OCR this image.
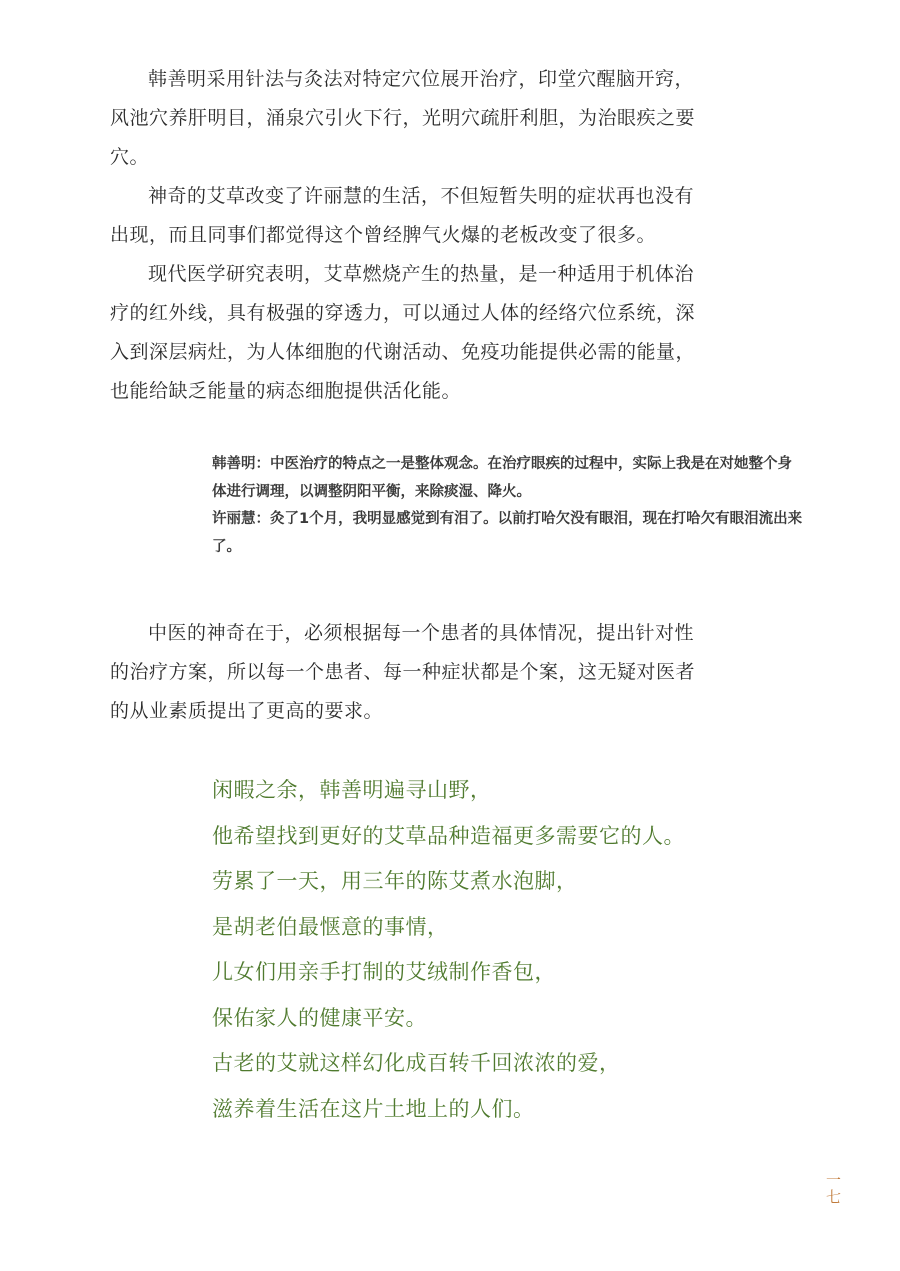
韩善明采用针法与灸法对特定穴位展开治疗，印堂穴醒脑开窍，风池穴养肝明目，涌泉穴引火下行，光明穴疏肝利胆，为治眼疾之要穴。

神奇的艾草改变了许丽慧的生活，不但短暂失明的症状再也没有出现，而且同事们都觉得这个曾经脾气火爆的老板改变了很多。

现代医学研究表明，艾草燃烧产生的热量，是一种适用于机体治疗的红外线，具有极强的穿透力，可以通过人体的经络穴位系统，深入到深层病灶，为人体细胞的代谢活动、免疫功能提供必需的能量，也能给缺乏能量的病态细胞提供活化能。

韩善明：中医治疗的特点之一是整体观念。在治疗眼疾的过程中，实际上我是在对她整个身体进行调理，以调整阴阳平衡，来除痰湿、降火。

许丽慧：灸了1个月，我明显感觉到有泪了。以前打哈欠没有眼泪，现在打哈欠有眼泪流出来了。

中医的神奇在于，必须根据每一个患者的具体情况，提出针对性的治疗方案，所以每一个患者、每一种症状都是个案，这无疑对医者的从业素质提出了更高的要求。

闲暇之余，韩善明遍寻山野，

他希望找到更好的艾草品种造福更多需要它的人。

劳累了一天，用三年的陈艾煮水泡脚，

是胡老伯最惬意的事情，

儿女们用亲手打制的艾绒制作香包，

保佑家人的健康平安。

古老的艾就这样幻化成百转千回浓浓的爱，

滋养着生活在这片土地上的人们。

一七
